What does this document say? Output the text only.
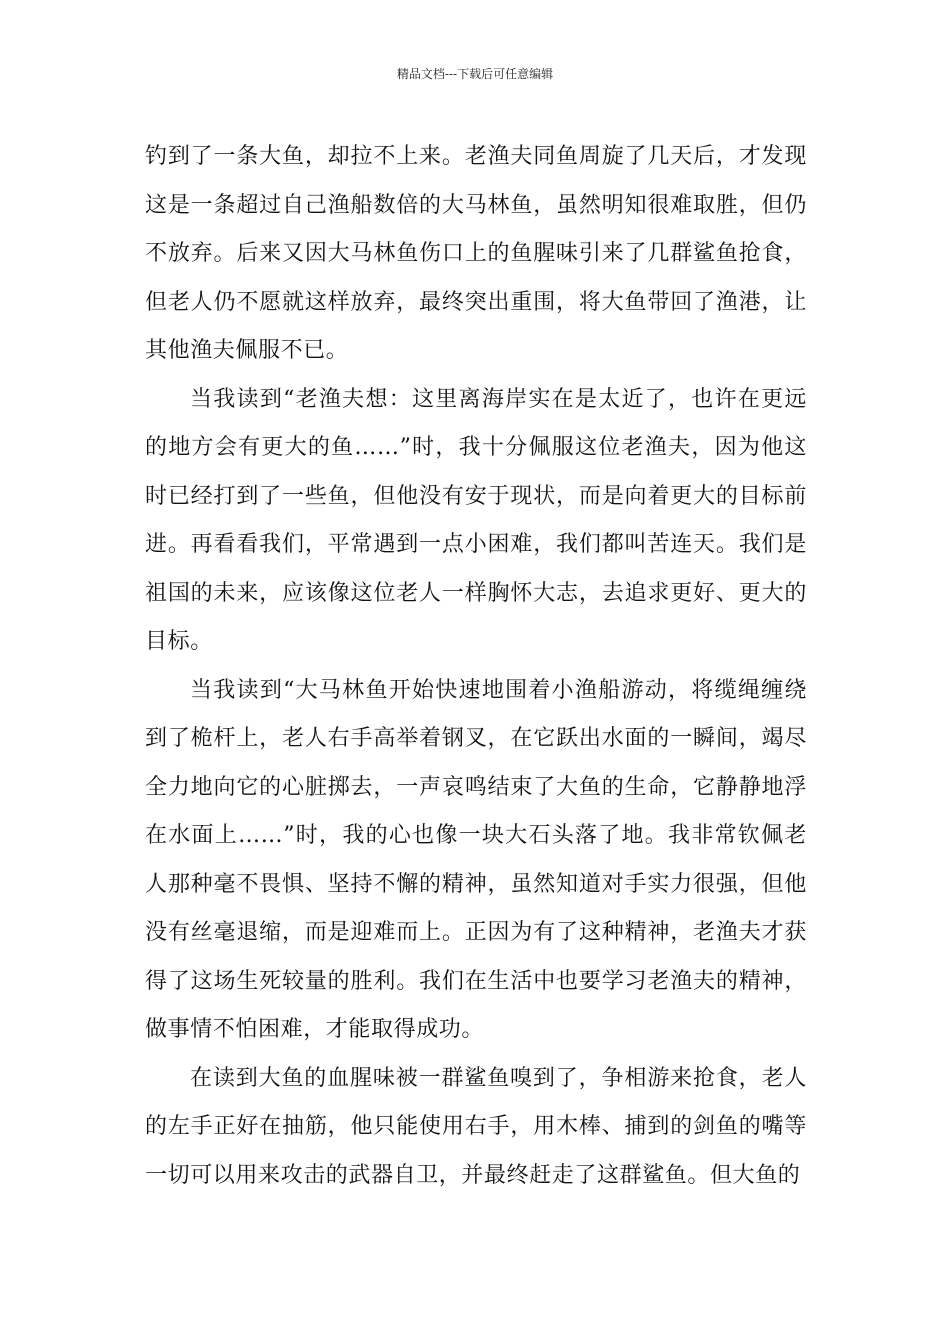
精品文档---下载后可任意编辑

钓到了一条大鱼，却拉不上来。老渔夫同鱼周旋了几天后，才发现这是一条超过自己渔船数倍的大马林鱼，虽然明知很难取胜，但仍不放弃。后来又因大马林鱼伤口上的鱼腥味引来了几群鲨鱼抢食，但老人仍不愿就这样放弃，最终突出重围，将大鱼带回了渔港，让其他渔夫佩服不已。

当我读到“老渔夫想：这里离海岸实在是太近了，也许在更远的地方会有更大的鱼……”时，我十分佩服这位老渔夫，因为他这时已经打到了一些鱼，但他没有安于现状，而是向着更大的目标前进。再看看我们，平常遇到一点小困难，我们都叫苦连天。我们是祖国的未来，应该像这位老人一样胸怀大志，去追求更好、更大的目标。

当我读到“大马林鱼开始快速地围着小渔船游动，将缆绳缠绕到了桅杆上，老人右手高举着钢叉，在它跃出水面的一瞬间，竭尽全力地向它的心脏掷去，一声哀鸣结束了大鱼的生命，它静静地浮在水面上……”时，我的心也像一块大石头落了地。我非常钦佩老人那种毫不畏惧、坚持不懈的精神，虽然知道对手实力很强，但他没有丝毫退缩，而是迎难而上。正因为有了这种精神，老渔夫才获得了这场生死较量的胜利。我们在生活中也要学习老渔夫的精神，做事情不怕困难，才能取得成功。

在读到大鱼的血腥味被一群鲨鱼嗅到了，争相游来抢食，老人的左手正好在抽筋，他只能使用右手，用木棒、捕到的剑鱼的嘴等一切可以用来攻击的武器自卫，并最终赶走了这群鲨鱼。但大鱼的
